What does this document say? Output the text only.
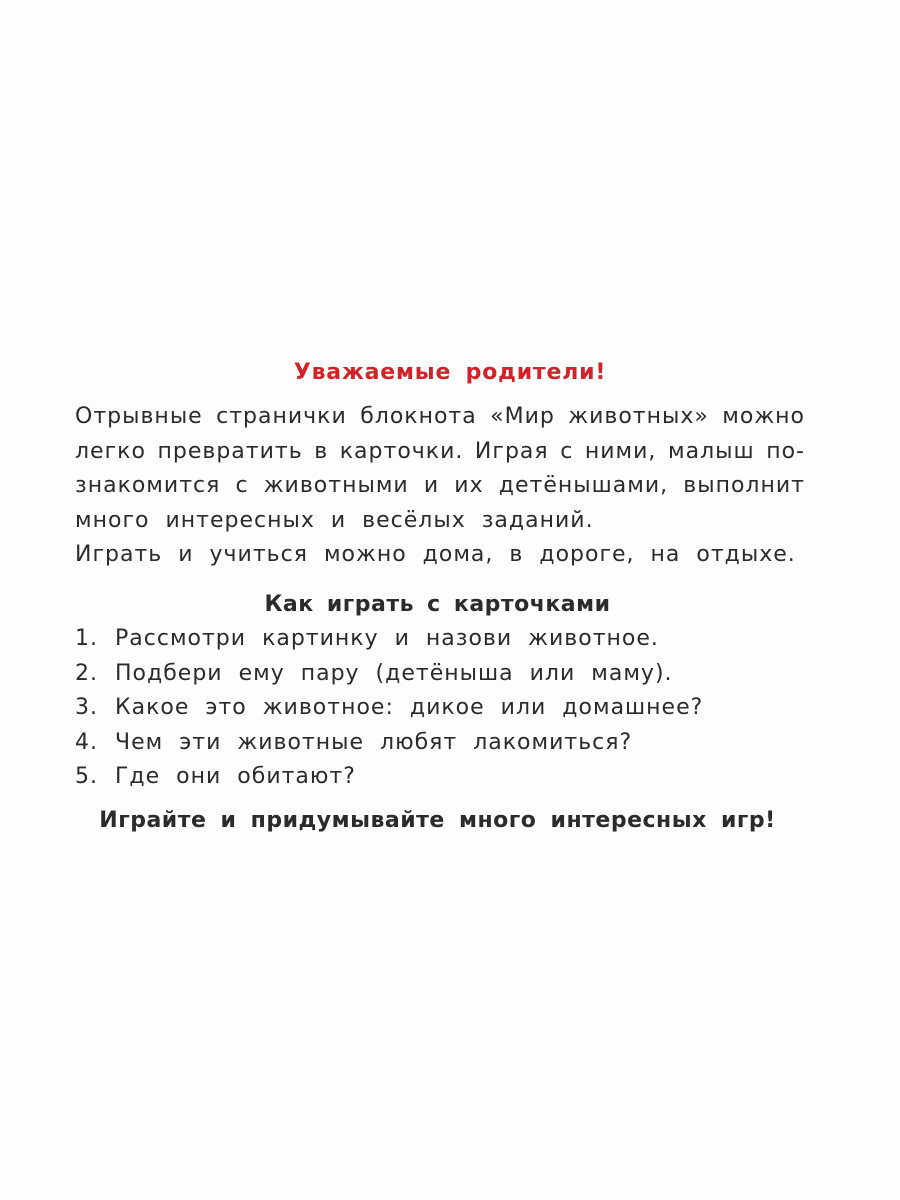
Уважаемые родители!
Отрывные странички блокнота «Мир животных» можно
легко превратить в карточки. Играя с ними, малыш по-
знакомится с животными и их детёнышами, выполнит
много интересных и весёлых заданий.
Играть и учиться можно дома, в дороге, на отдыхе.
Как играть с карточками
1. Рассмотри картинку и назови животное.
2. Подбери ему пару (детёныша или маму).
3. Какое это животное: дикое или домашнее?
4. Чем эти животные любят лакомиться?
5. Где они обитают?
Играйте и придумывайте много интересных игр!
